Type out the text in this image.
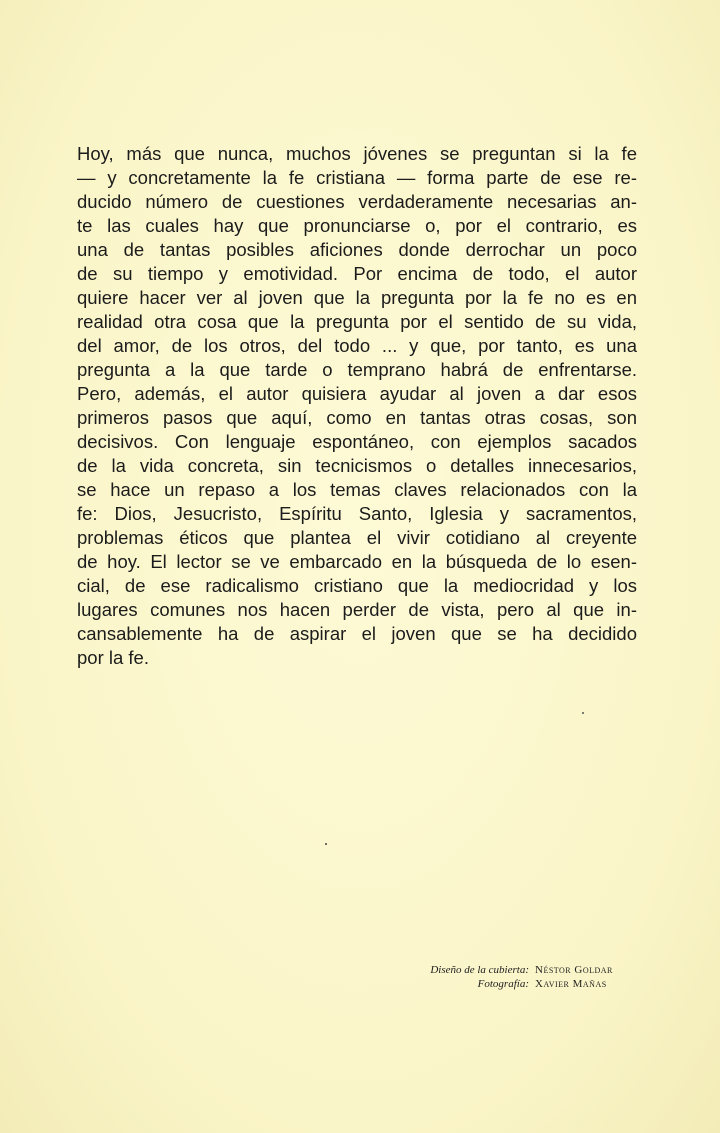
Hoy, más que nunca, muchos jóvenes se preguntan si la fe
— y concretamente la fe cristiana — forma parte de ese re-
ducido número de cuestiones verdaderamente necesarias an-
te las cuales hay que pronunciarse o, por el contrario, es
una de tantas posibles aficiones donde derrochar un poco
de su tiempo y emotividad. Por encima de todo, el autor
quiere hacer ver al joven que la pregunta por la fe no es en
realidad otra cosa que la pregunta por el sentido de su vida,
del amor, de los otros, del todo ... y que, por tanto, es una
pregunta a la que tarde o temprano habrá de enfrentarse.
Pero, además, el autor quisiera ayudar al joven a dar esos
primeros pasos que aquí, como en tantas otras cosas, son
decisivos. Con lenguaje espontáneo, con ejemplos sacados
de la vida concreta, sin tecnicismos o detalles innecesarios,
se hace un repaso a los temas claves relacionados con la
fe: Dios, Jesucristo, Espíritu Santo, Iglesia y sacramentos,
problemas éticos que plantea el vivir cotidiano al creyente
de hoy. El lector se ve embarcado en la búsqueda de lo esen-
cial, de ese radicalismo cristiano que la mediocridad y los
lugares comunes nos hacen perder de vista, pero al que in-
cansablemente ha de aspirar el joven que se ha decidido
por la fe.
Diseño de la cubierta: Néstor Goldar
Fotografía: Xavier Mañas
